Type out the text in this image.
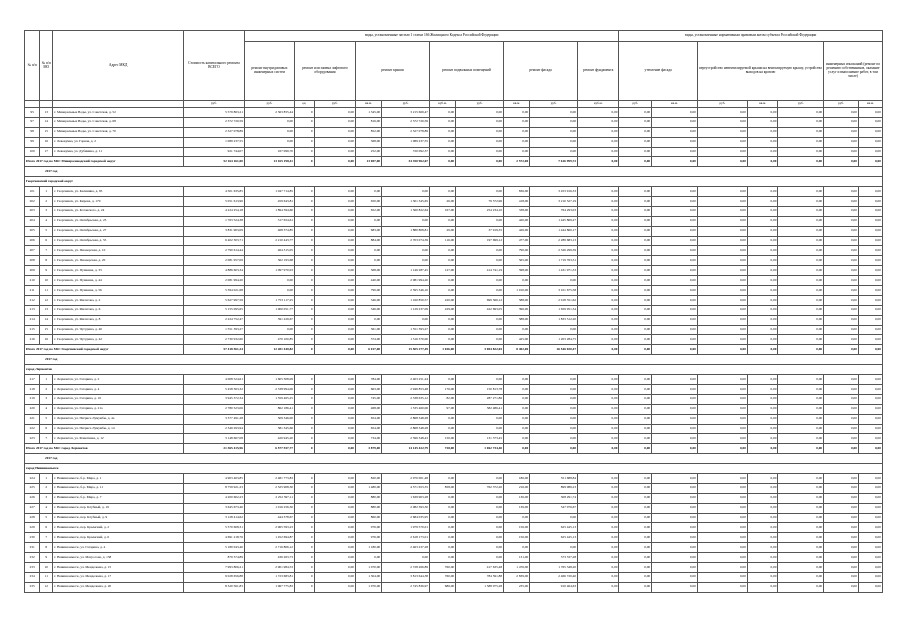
№ п/п	№ п/п МО	Адрес МКД	Стоимость капитального ремонта ВСЕГО	виды, установленные частью 1 статьи 166 Жилищного Кодекса Российской Федерации										виды, установленные нормативным правовым актом субъекта Российской Федерации							
				ремонт внутридомовых инженерных систем	ремонт или замена лифтового оборудования		ремонт крыши		ремонт подвальных помещений		ремонт фасада		ремонт фундамента	утепление фасада		переустройство невентилируемой крыши на вентилируемую крышу, устройство выходов на кровлю			инженерных изысканий (ремонт по решению собственников, оказание услуг и выполнение работ, в том числе)		
			руб.	руб.	ед.	руб.	кв.м.	руб.	куб.м.	руб.	кв.м.	руб.	куб.м.	руб.	кв.м.	руб.	кв.м.	руб.	руб.	кв.м.	
95	13	г. Минеральные Воды, ул. Советская, д. 52	5 579 863,21	2 363 855,44	0	0,00	1 345,00	3 215 669,47	0,00	0,00	0,00	0,00	0,00	0,00	0,00	0,00	0,00	0,00	0,00	0,00	
97	14	г. Минеральные Воды, ул. Советская, д. 68	2 372 720,59	0,00	0	0,00	816,00	2 372 720,59	0,00	0,00	0,00	0,00	0,00	0,00	0,00	0,00	0,00	0,00	0,00	0,00	
98	15	г. Минеральные Воды, ул. Советская, д. 70	2 327 078,89	0,00	0	0,00	852,00	2 327 078,89	0,00	0,00	0,00	0,00	0,00	0,00	0,00	0,00	0,00	0,00	0,00	0,00	
99	16	г. Левокумка, ул. Горная, д. 2	1 089 237,55	0,00	0	0,00	368,00	1 089 237,55	0,00	0,00	0,00	0,00	0,00	0,00	0,00	0,00	0,00	0,00	0,00	0,00	
100	17	г. Левокумка, ул. Дубинина, д. 11	921 744,07	167 099,70	0	0,00	252,00	720 092,37	0,00	0,00	0,00	0,00	0,00	0,00	0,00	0,00	0,00	0,00	0,00	0,00	
Итого 2017 год по МО: Минераловодский городской округ			52 164 161,00	13 165 198,41	0	0,00	13 007,00	34 350 962,67	0,00	0,00	2 572,00	7 616 999,72	0,00	0,00	0,00	0,00	0,00	0,00	0,00	0,00	
2017 год																					
Георгиевский городской округ																					
101	1	г. Георгиевск, ул. Калинина, д. 95	4 501 635,85	1 047 714,85	0	0,00	0,00	0,00	0,00	0,00	836,00	3 453 916,33	0,00	0,00	0,00	0,00	0,00	0,00	0,00	0,00	
202	2	г. Георгиевск, ул. Кирова, д. 170	5 051 613,96	459 643,81	0	0,00	650,00	1 301 345,65	26,00	79 572,96	418,00	3 210 527,19	0,00	0,00	0,00	0,00	0,00	0,00	0,00	0,00	
203	3	г. Георгиевск, ул. Котовского, д. 24	4 224 254,18	1 894 394,60	0	0,00	652,00	1 560 822,64	167,00	254 234,10	338,00	764 293,03	0,00	0,00	0,00	0,00	0,00	0,00	0,00	0,00	
204	4	г. Георгиевск, ул. Октябрьская, д. 23	1 763 524,38	317 654,61	0	0,00	0,00	0,00	0,00	0,00	420,00	1 445 869,27	0,00	0,00	0,00	0,00	0,00	0,00	0,00	0,00	
205	5	г. Георгиевск, ул. Октябрьская, д. 27	3 831 963,09	468 374,85	0	0,00	683,00	1 880 808,81	29,00	37 919,35	426,00	1 444 860,17	0,00	0,00	0,00	0,00	0,00	0,00	0,00	0,00	
206	6	г. Георгиевск, ул. Октябрьская, д. 55	6 402 303,71	2 210 443,77	0	0,00	884,00	2 703 074,39	116,00	197 699,12	477,00	2 289 683,13	0,00	0,00	0,00	0,00	0,00	0,00	0,00	0,00	
207	7	г. Георгиевск, ул. Пионерская, д. 10	2 790 614,44	464 315,05	0	0,00	0,00	0,00	0,00	0,00	790,00	2 326 299,39	0,00	0,00	0,00	0,00	0,00	0,00	0,00	0,00	
208	8	г. Георгиевск, ул. Пионерская, д. 20	2 081 957,09	362 193,68	0	0,00	0,00	0,00	0,00	0,00	565,00	1 719 763,31	0,00	0,00	0,00	0,00	0,00	0,00	0,00	0,00	
209	9	г. Георгиевск, ул. Пушкина, д. 33	4 886 603,34	1 097 970,03	0	0,00	568,00	1 146 287,45	127,00	414 741,19	598,00	1 431 971,33	0,00	0,00	0,00	0,00	0,00	0,00	0,00	0,00	
210	10	г. Георгиевск, ул. Пушкина, д. 44	2 081 994,20	0,00	0	0,00	440,00	2 081 994,20	0,00	0,00	0,00	0,00	0,00	0,00	0,00	0,00	0,00	0,00	0,00	0,00	
211	11	г. Георгиевск, ул. Пушкина, д. 56	5 394 021,68	0,00	0	0,00	790,00	2 595 346,10	0,00	0,00	1 010,00	3 101 675,58	0,00	0,00	0,00	0,00	0,00	0,00	0,00	0,00	
212	12	г. Георгиевск, ул. Филатова, д. 2	5 627 997,59	1 753 117,25	0	0,00	346,00	1 160 850,57	220,00	699 366,12	588,00	2 018 351,62	0,00	0,00	0,00	0,00	0,00	0,00	0,00	0,00	
213	13	г. Георгиевск, ул. Филатова, д. 6	5 155 095,65	1 900 051,77	0	0,00	346,00	1 129 237,09	229,00	422 693,05	396,00	1 659 951,34	0,00	0,00	0,00	0,00	0,00	0,00	0,00	0,00	
214	14	г. Георгиевск, ул. Филатова, д. 8	2 224 752,47	391 229,67	0	0,00	0,00	0,00	0,00	0,00	588,00	1 833 512,20	0,00	0,00	0,00	0,00	0,00	0,00	0,00	0,00	
215	15	г. Георгиевск, ул. Чугурина, д. 40	1 551 393,27	0,00	0	0,00	361,00	1 551 393,27	0,00	0,00	0,00	0,00	0,00	0,00	0,00	0,00	0,00	0,00	0,00	0,00	
216	16	г. Георгиевск, ул. Чугурина, д. 42	2 730 932,60	470 100,85	0	0,00	374,00	1 316 370,00	0,00	0,00	425,00	1 203 284,75	0,00	0,00	0,00	0,00	0,00	0,00	0,00	0,00	
Итого 2017 год по МО: Георгиевский городской округ			57 418 561,24	12 281 440,82	0	0,00	6 017,00	15 505 277,49	1 026,00	3 004 822,65	8 402,00	26 546 020,47	0,00	0,00	0,00	0,00	0,00	0,00	0,00	0,00	
2017 год																					
город Лермонтов																					
217	1	г. Лермонтов, ул. Гагарина, д. 2	4 008 524,61	1 605 308,09	0	0,00	784,00	2 403 251,24	0,00	0,00	0,00	0,00	0,00	0,00	0,00	0,00	0,00	0,00	0,00	0,00	
218	2	г. Лермонтов, ул. Гагарина, д. 4	5 458 363,32	2 338 994,06	0	0,00	663,00	2 946 853,48	176,00	150 813,78	0,00	0,00	0,00	0,00	0,00	0,00	0,00	0,00	0,00	0,00	
219	3	г. Лермонтов, ул. Гагарина, д. 10	3 945 372,34	1 359 465,25	0	0,00	745,00	2 338 635,12	82,00	287 271,86	0,00	0,00	0,00	0,00	0,00	0,00	0,00	0,00	0,00	0,00	
220	4	г. Лермонтов, ул. Гагарина, д. 21а	2 780 523,06	862 186,41	0	0,00	468,00	1 535 460,06	97,00	382 486,41	0,00	0,00	0,00	0,00	0,00	0,00	0,00	0,00	0,00	0,00	
221	5	г. Лермонтов, ул. Патриса Лумумбы, д. 4а	3 377 491,28	509 346,00	0	0,00	654,00	2 868 348,28	0,00	0,00	0,00	0,00	0,00	0,00	0,00	0,00	0,00	0,00	0,00	0,00	
222	6	г. Лермонтов, ул. Патриса Лумумбы, д. 14	2 349 293,94	381 345,66	0	0,00	654,00	2 868 348,28	0,00	0,00	0,00	0,00	0,00	0,00	0,00	0,00	0,00	0,00	0,00	0,00	
223	7	г. Лермонтов, ул. Решетника, д. 12	3 148 667,08	420 945,20	0	0,00	734,00	2 596 348,43	150,00	131 373,45	0,00	0,00	0,00	0,00	0,00	0,00	0,00	0,00	0,00	0,00	
Итого 2017 год по МО: город Лермонтов			21 365 415,96	6 577 557,77	0	0,00	3 879,00	14 145 422,79	728,00	1 062 734,40	0,00	0,00	0,00	0,00	0,00	0,00	0,00	0,00	0,00	0,00	
2017 год																					
город Невинномысск																					
224	1	г. Невинномысск, б-р. Мира, д. 1	4 903 463,85	2 481 773,83	0	0,00	820,00	2 070 001,48	0,00	0,00	186,00	351 688,84	0,00	0,00	0,00	0,00	0,00	0,00	0,00	0,00	
225	2	г. Невинномысск, б-р. Мира, д. 11	8 759 921,23	2 525 908,30	0	0,00	1 480,00	4 571 653,35	858,00	762 372,20	216,00	899 986,23	0,00	0,00	0,00	0,00	0,00	0,00	0,00	0,00	
226	3	г. Невинномысск, б-р. Мира, д. 7	4 200 602,23	2 252 397,11	0	0,00	880,00	1 639 903,28	0,00	0,00	136,00	308 291,74	0,00	0,00	0,00	0,00	0,00	0,00	0,00	0,00	
227	4	г. Невинномысск, пер. Клубный, д. 19	3 645 673,40	1 016 256,30	0	0,00	880,00	2 082 393,30	0,00	0,00	139,00	547 076,67	0,00	0,00	0,00	0,00	0,00	0,00	0,00	0,00	
228	5	г. Невинномысск, пер. Клубный, д. 9	3 128 414,62	444 378,67	0	0,00	860,00	2 684 035,95	0,00	0,00	0,00	0,00	0,00	0,00	0,00	0,00	0,00	0,00	0,00	0,00	
229	6	г. Невинномысск, пер. Крымский, д. 2	5 570 608,31	2 965 593,23	0	0,00	976,00	1 979 570,01	0,00	0,00	156,00	625 445,13	0,00	0,00	0,00	0,00	0,00	0,00	0,00	0,00	
230	7	г. Невинномысск, пер. Крымский, д. 6	4 691 218,76	1 452 694,87	0	0,00	976,00	2 618 173,01	0,00	0,00	156,00	625 445,13	0,00	0,00	0,00	0,00	0,00	0,00	0,00	0,00	
231	8	г. Невинномысск, ул. Гагарина, д. 4	5 180 043,40	2 716 806,12	0	0,00	1 180,00	2 463 237,28	0,00	0,00	0,00	0,00	0,00	0,00	0,00	0,00	0,00	0,00	0,00	0,00	
232	9	г. Невинномысск, ул. Матросова, д. 158	879 374,89	436 263,73	0	0,00	0,00	0,00	0,00	0,00	131,00	373 337,28	0,00	0,00	0,00	0,00	0,00	0,00	0,00	0,00	
233	10	г. Невинномысск, ул. Менделеева, д. 15	7 993 806,21	2 901 984,53	0	0,00	1 070,00	2 728 266,89	760,00	417 635,48	1 476,00	1 765 348,20	0,00	0,00	0,00	0,00	0,00	0,00	0,00	0,00	
234	11	г. Невинномысск, ул. Менделеева, д. 17	9 028 656,88	1 723 683,81	0	0,00	1 304,00	3 813 644,38	760,00	784 591,88	2 839,00	2 466 720,40	0,00	0,00	0,00	0,00	0,00	0,00	0,00	0,00	
235	12	г. Невинномысск, ул. Менделеева, д. 20	8 320 561,83	1 967 775,83	0	0,00	1 070,00	2 745 836,97	686,00	1 588 075,28	235,00	910 464,63	0,00	0,00	0,00	0,00	0,00	0,00	0,00	0,00	
